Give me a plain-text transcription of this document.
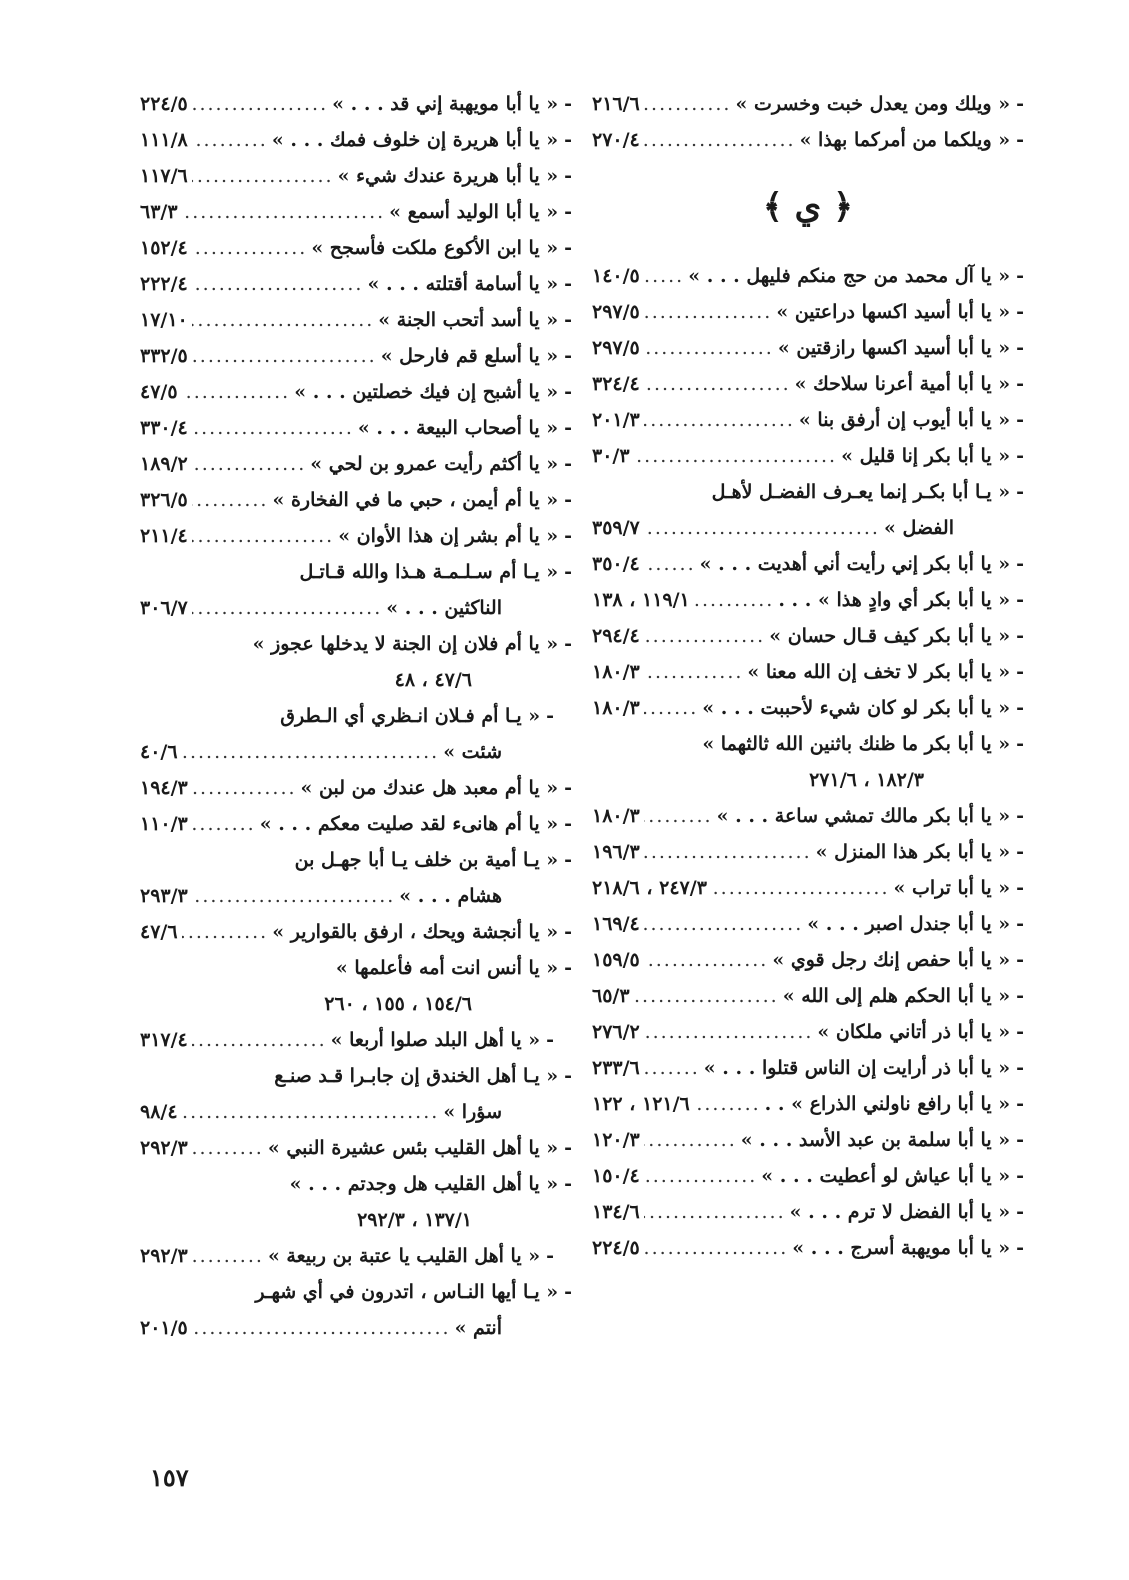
-
« ويلك ومن يعدل خبت وخسرت »
.....
٢١٦/٦
-
« ويلكما من أمركما بهذا »
.....
٢٧٠/٤
﴿ ي ﴾
-
« يا آل محمد من حج منكم فليهل . . . »
.....
١٤٠/٥
-
« يا أبا أسيد اكسها دراعتين »
.....
٢٩٧/٥
-
« يا أبا أسيد اكسها رازقتين »
.....
٢٩٧/٥
-
« يا أبا أمية أعرنا سلاحك »
.....
٣٢٤/٤
-
« يا أبا أيوب إن أرفق بنا »
.....
٢٠١/٣
-
« يا أبا بكر إنا قليل »
.....
٣٠/٣
-
« يـا أبا بكـر إنما يعـرف الفضـل لأهـل
الفضل »
.....
٣٥٩/٧
-
« يا أبا بكر إني رأيت أني أهديت . . . »
.....
٣٥٠/٤
-
« يا أبا بكر أي وادٍ هذا » . . .
.....
١١٩/١ ، ١٣٨
-
« يا أبا بكر كيف قـال حسان »
.....
٢٩٤/٤
-
« يا أبا بكر لا تخف إن الله معنا »
.....
١٨٠/٣
-
« يا أبا بكر لو كان شيء لأحببت . . . »
.....
١٨٠/٣
-
« يا أبا بكر ما ظنك باثنين الله ثالثهما »
١٨٢/٣ ، ٢٧١/٦
-
« يا أبا بكر مالك تمشي ساعة . . . »
.....
١٨٠/٣
-
« يا أبا بكر هذا المنزل »
.....
١٩٦/٣
-
« يا أبا تراب »
.....
٢٤٧/٣ ، ٢١٨/٦
-
« يا أبا جندل اصبر . . . »
.....
١٦٩/٤
-
« يا أبا حفص إنك رجل قوي »
.....
١٥٩/٥
-
« يا أبا الحكم هلم إلى الله »
.....
٦٥/٣
-
« يا أبا ذر أتاني ملكان »
.....
٢٧٦/٢
-
« يا أبا ذر أرايت إن الناس قتلوا . . . »
.....
٢٣٣/٦
-
« يا أبا رافع ناولني الذراع » . .
.....
١٢١/٦ ، ١٢٢
-
« يا أبا سلمة بن عبد الأسد . . . »
.....
١٢٠/٣
-
« يا أبا عياش لو أعطيت . . . »
.....
١٥٠/٤
-
« يا أبا الفضل لا ترم . . . »
.....
١٣٤/٦
-
« يا أبا مويهبة أسرج . . . »
.....
٢٢٤/٥
-
« يا أبا مويهبة إني قد . . . »
.....
٢٢٤/٥
-
« يا أبا هريرة إن خلوف فمك . . . »
.....
١١١/٨
-
« يا أبا هريرة عندك شيء »
.....
١١٧/٦
-
« يا أبا الوليد أسمع »
.....
٦٣/٣
-
« يا ابن الأكوع ملكت فأسجح »
.....
١٥٢/٤
-
« يا أسامة أقتلته . . . »
.....
٢٢٢/٤
-
« يا أسد أتحب الجنة »
.....
١٧/١٠
-
« يا أسلع قم فارحل »
.....
٣٣٢/٥
-
« يا أشبح إن فيك خصلتين . . . »
.....
٤٧/٥
-
« يا أصحاب البيعة . . . »
.....
٣٣٠/٤
-
« يا أكثم رأيت عمرو بن لحي »
.....
١٨٩/٢
-
« يا أم أيمن ، حبي ما في الفخارة »
.....
٣٢٦/٥
-
« يا أم بشر إن هذا الأوان »
.....
٢١١/٤
-
« يـا أم سـلـمـة هـذا والله قـاتـل
الناكثين . . . »
.....
٣٠٦/٧
-
« يا أم فلان إن الجنة لا يدخلها عجوز »
٤٧/٦ ، ٤٨
-
« يـا أم فـلان انـظري أي الـطرق
شئت »
.....
٤٠/٦
-
« يا أم معبد هل عندك من لبن »
.....
١٩٤/٣
-
« يا أم هانىء لقد صليت معكم . . . »
.....
١١٠/٣
-
« يـا أمية بن خلف يـا أبا جهـل بن
هشام . . . »
.....
٢٩٣/٣
-
« يا أنجشة ويحك ، ارفق بالقوارير »
.....
٤٧/٦
-
« يا أنس انت أمه فأعلمها »
١٥٤/٦ ، ١٥٥ ، ٢٦٠
-
« يا أهل البلد صلوا أربعا »
.....
٣١٧/٤
-
« يـا أهل الخندق إن جابـرا قـد صنـع
سؤرا »
.....
٩٨/٤
-
« يا أهل القليب بئس عشيرة النبي »
.....
٢٩٢/٣
-
« يا أهل القليب هل وجدتم . . . »
١٣٧/١ ، ٢٩٢/٣
-
« يا أهل القليب يا عتبة بن ربيعة »
.....
٢٩٢/٣
-
« يـا أيها النـاس ، اتدرون في أي شهـر
أنتم »
.....
٢٠١/٥
١٥٧
